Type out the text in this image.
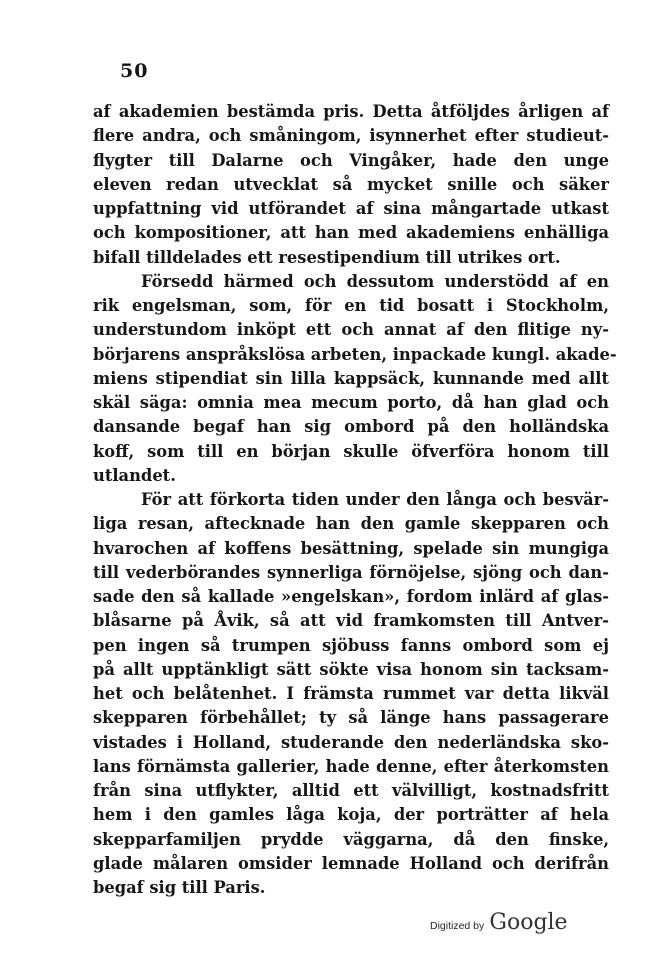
50
af akademien bestämda pris. Detta åtföljdes årligen af
flere andra, och småningom, isynnerhet efter studieut-
flygter till Dalarne och Vingåker, hade den unge
eleven redan utvecklat så mycket snille och säker
uppfattning vid utförandet af sina mångartade utkast
och kompositioner, att han med akademiens enhälliga
bifall tilldelades ett resestipendium till utrikes ort.
Försedd härmed och dessutom understödd af en
rik engelsman, som, för en tid bosatt i Stockholm,
understundom inköpt ett och annat af den flitige ny-
börjarens anspråkslösa arbeten, inpackade kungl. akade-
miens stipendiat sin lilla kappsäck, kunnande med allt
skäl säga: omnia mea mecum porto, då han glad och
dansande begaf han sig ombord på den holländska
koff, som till en början skulle öfverföra honom till
utlandet.
För att förkorta tiden under den långa och besvär-
liga resan, aftecknade han den gamle skepparen och
hvarochen af koffens besättning, spelade sin mungiga
till vederbörandes synnerliga förnöjelse, sjöng och dan-
sade den så kallade »engelskan», fordom inlärd af glas-
blåsarne på Åvik, så att vid framkomsten till Antver-
pen ingen så trumpen sjöbuss fanns ombord som ej
på allt upptänkligt sätt sökte visa honom sin tacksam-
het och belåtenhet. I främsta rummet var detta likväl
skepparen förbehållet; ty så länge hans passagerare
vistades i Holland, studerande den nederländska sko-
lans förnämsta gallerier, hade denne, efter återkomsten
från sina utflykter, alltid ett välvilligt, kostnadsfritt
hem i den gamles låga koja, der porträtter af hela
skepparfamiljen prydde väggarna, då den finske,
glade målaren omsider lemnade Holland och derifrån
begaf sig till Paris.
Digitized by Google
